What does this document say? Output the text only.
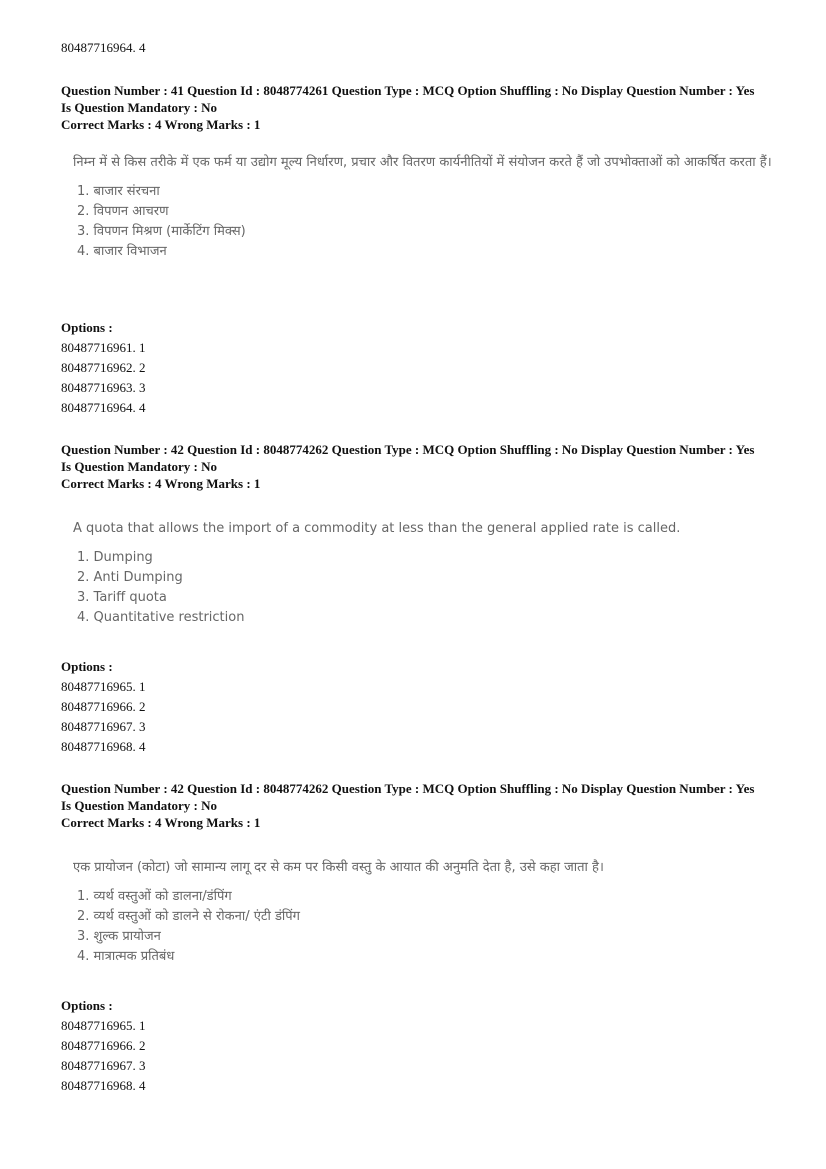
80487716964. 4
Question Number : 41 Question Id : 8048774261 Question Type : MCQ Option Shuffling : No Display Question Number : Yes
Is Question Mandatory : No
Correct Marks : 4 Wrong Marks : 1
निम्न में से किस तरीके में एक फर्म या उद्योग मूल्य निर्धारण, प्रचार और वितरण कार्यनीतियों में संयोजन करते हैं जो उपभोक्ताओं को आकर्षित करता हैं।
1. बाजार संरचना
2. विपणन आचरण
3. विपणन मिश्रण (मार्केटिंग मिक्स)
4. बाजार विभाजन
Options :
80487716961. 1
80487716962. 2
80487716963. 3
80487716964. 4
Question Number : 42 Question Id : 8048774262 Question Type : MCQ Option Shuffling : No Display Question Number : Yes
Is Question Mandatory : No
Correct Marks : 4 Wrong Marks : 1
A quota that allows the import of a commodity at less than the general applied rate is called.
1. Dumping
2. Anti Dumping
3. Tariff quota
4. Quantitative restriction
Options :
80487716965. 1
80487716966. 2
80487716967. 3
80487716968. 4
Question Number : 42 Question Id : 8048774262 Question Type : MCQ Option Shuffling : No Display Question Number : Yes
Is Question Mandatory : No
Correct Marks : 4 Wrong Marks : 1
एक प्रायोजन (कोटा) जो सामान्य लागू दर से कम पर किसी वस्तु के आयात की अनुमति देता है, उसे कहा जाता है।
1. व्यर्थ वस्तुओं को डालना/डंपिंग
2. व्यर्थ वस्तुओं को डालने से रोकना/ एंटी डंपिंग
3. शुल्क प्रायोजन
4. मात्रात्मक प्रतिबंध
Options :
80487716965. 1
80487716966. 2
80487716967. 3
80487716968. 4
